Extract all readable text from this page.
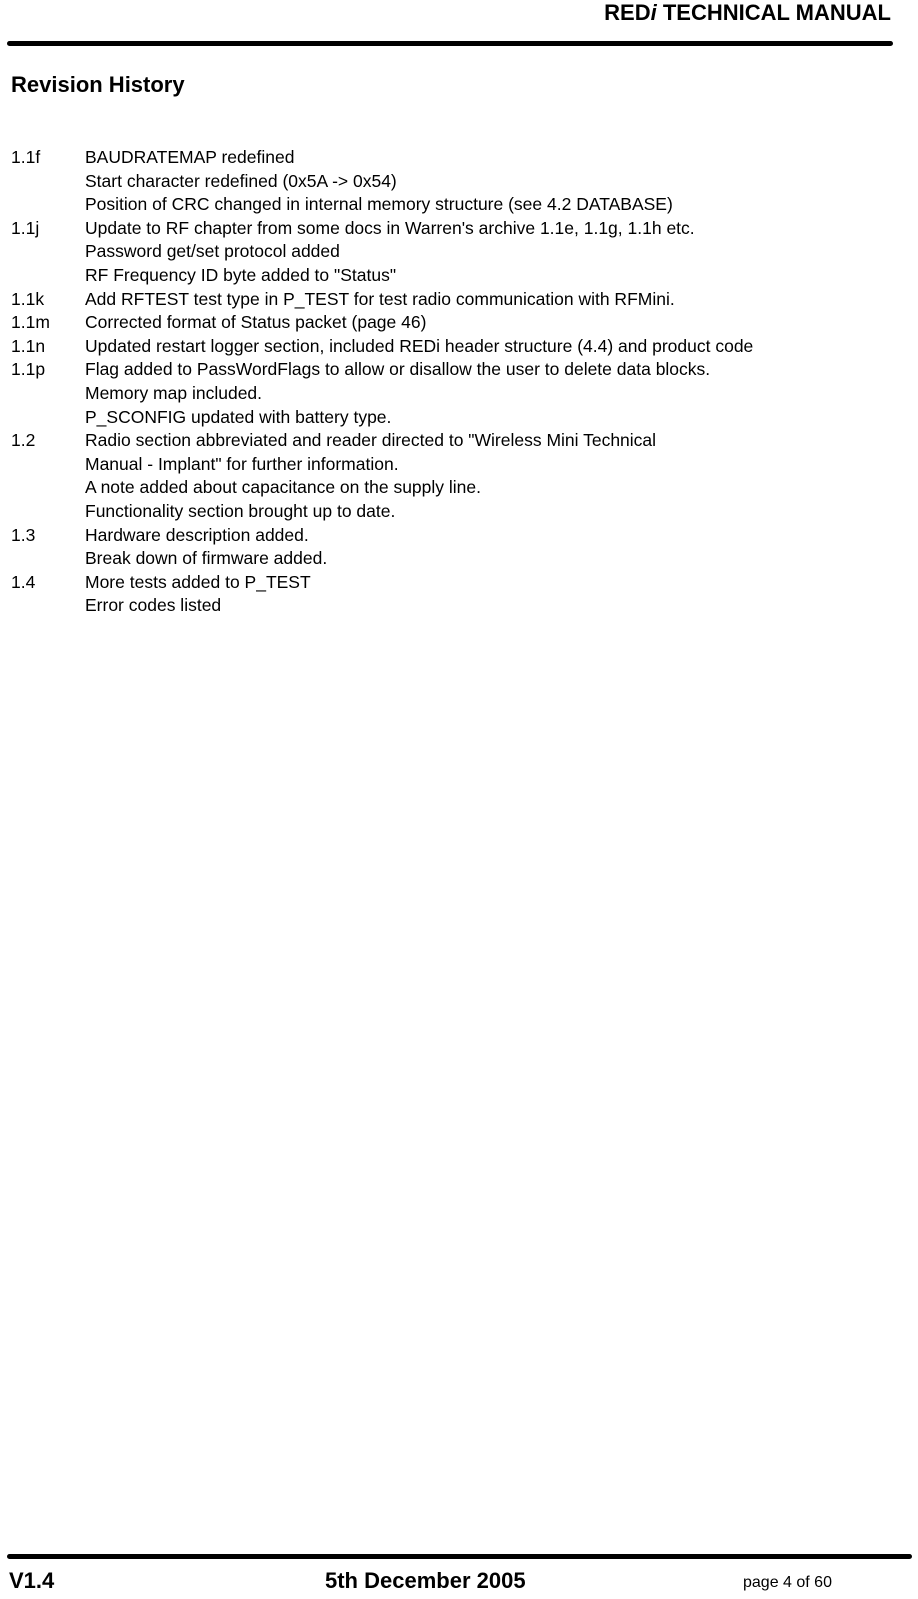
REDi TECHNICAL MANUAL
Revision History
1.1f	BAUDRATEMAP redefined
Start character redefined (0x5A -> 0x54)
Position of CRC changed in internal memory structure (see 4.2 DATABASE)
1.1j	Update to RF chapter from some docs in Warren's archive 1.1e, 1.1g, 1.1h etc.
Password get/set protocol added
RF Frequency ID byte added to "Status"
1.1k	Add RFTEST test type in P_TEST for test radio communication with RFMini.
1.1m	Corrected format of Status packet (page 46)
1.1n	Updated restart logger section, included REDi header structure (4.4) and product code
1.1p	Flag added to PassWordFlags to allow or disallow the user to delete data blocks.
Memory map included.
P_SCONFIG updated with battery type.
1.2	Radio section abbreviated and reader directed to "Wireless Mini Technical
Manual - Implant" for further information.
A note added about capacitance on the supply line.
Functionality section brought up to date.
1.3	Hardware description added.
Break down of firmware added.
1.4	More tests added to P_TEST
Error codes listed
V1.4	5th December 2005	page 4 of 60
